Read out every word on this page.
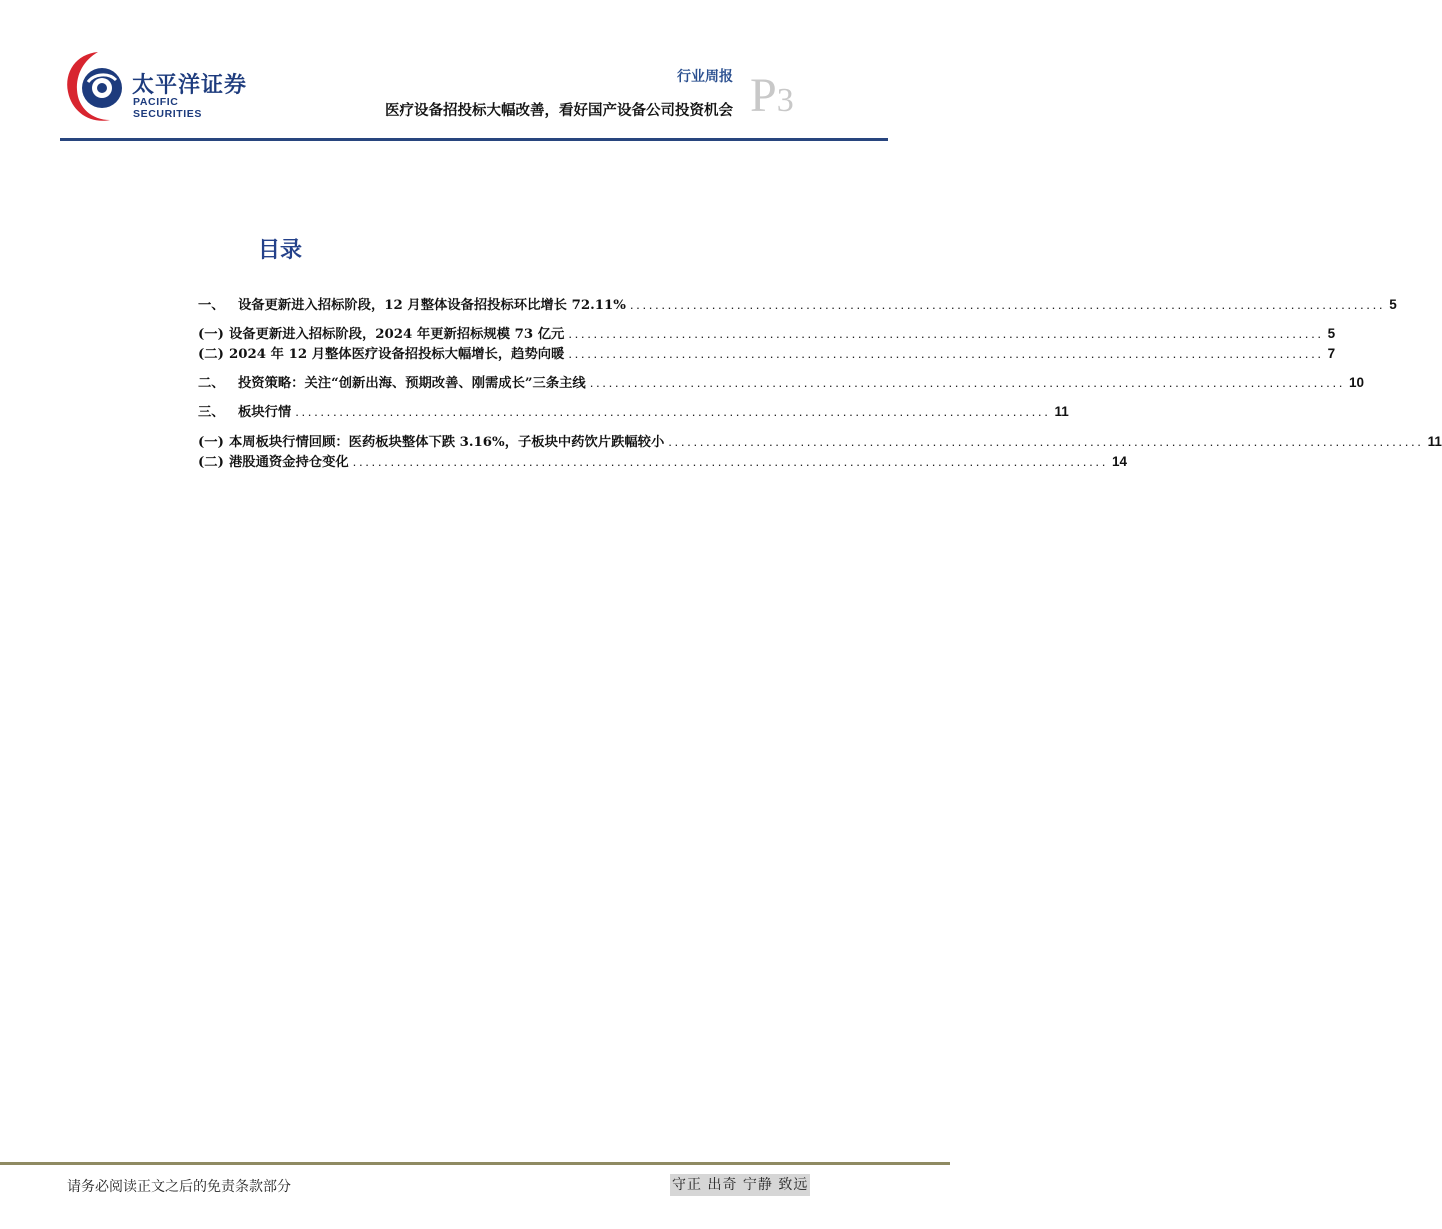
太平洋证券
PACIFIC SECURITIES
行业周报
医疗设备招投标大幅改善，看好国产设备公司投资机会 P3
目录
一、	设备更新进入招标阶段，12 月整体设备招投标环比增长 72.11% ........................................................................................................................ 5
(一) 设备更新进入招标阶段，2024 年更新招标规模 73 亿元 ........................................................................................................................ 5
(二) 2024 年 12 月整体医疗设备招投标大幅增长，趋势向暖 ........................................................................................................................ 7
二、	投资策略：关注“创新出海、预期改善、刚需成长”三条主线 ........................................................................................................................ 10
三、	板块行情 ........................................................................................................................ 11
(一) 本周板块行情回顾：医药板块整体下跌 3.16%，子板块中药饮片跌幅较小 ........................................................................................................................ 11
(二) 港股通资金持仓变化 ........................................................................................................................ 14
请务必阅读正文之后的免责条款部分	守正 出奇 宁静 致远
